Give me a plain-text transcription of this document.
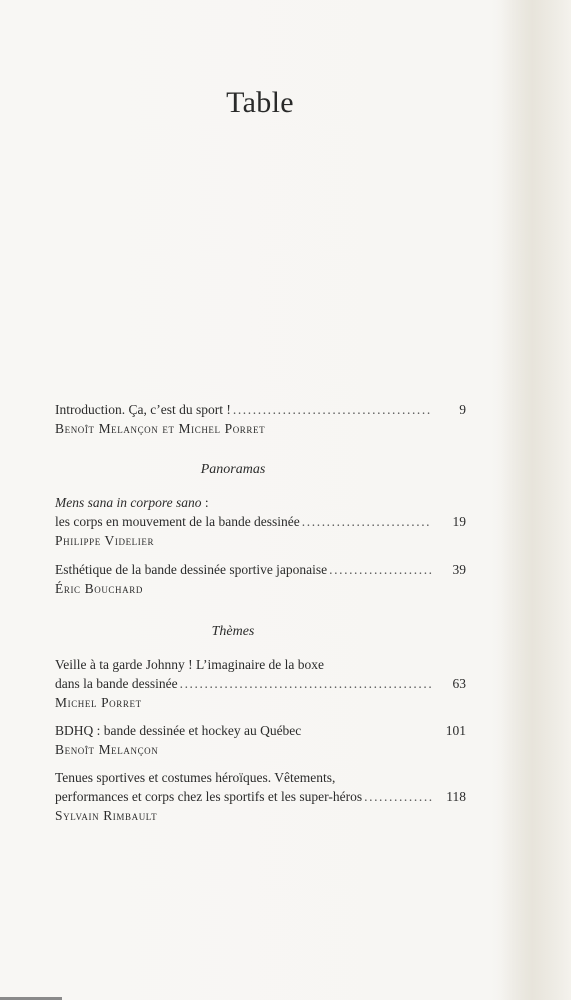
Table
Introduction. Ça, c’est du sport ! .....	9
Benoît Melançon et Michel Porret
Panoramas
Mens sana in corpore sano :
les corps en mouvement de la bande dessinée .....	19
Philippe Videlier
Esthétique de la bande dessinée sportive japonaise .....	39
Éric Bouchard
Thèmes
Veille à ta garde Johnny ! L’imaginaire de la boxe
dans la bande dessinée .....	63
Michel Porret
BDHQ : bande dessinée et hockey au Québec	101
Benoît Melançon
Tenues sportives et costumes héroïques. Vêtements,
performances et corps chez les sportifs et les super-héros .....	118
Sylvain Rimbault
